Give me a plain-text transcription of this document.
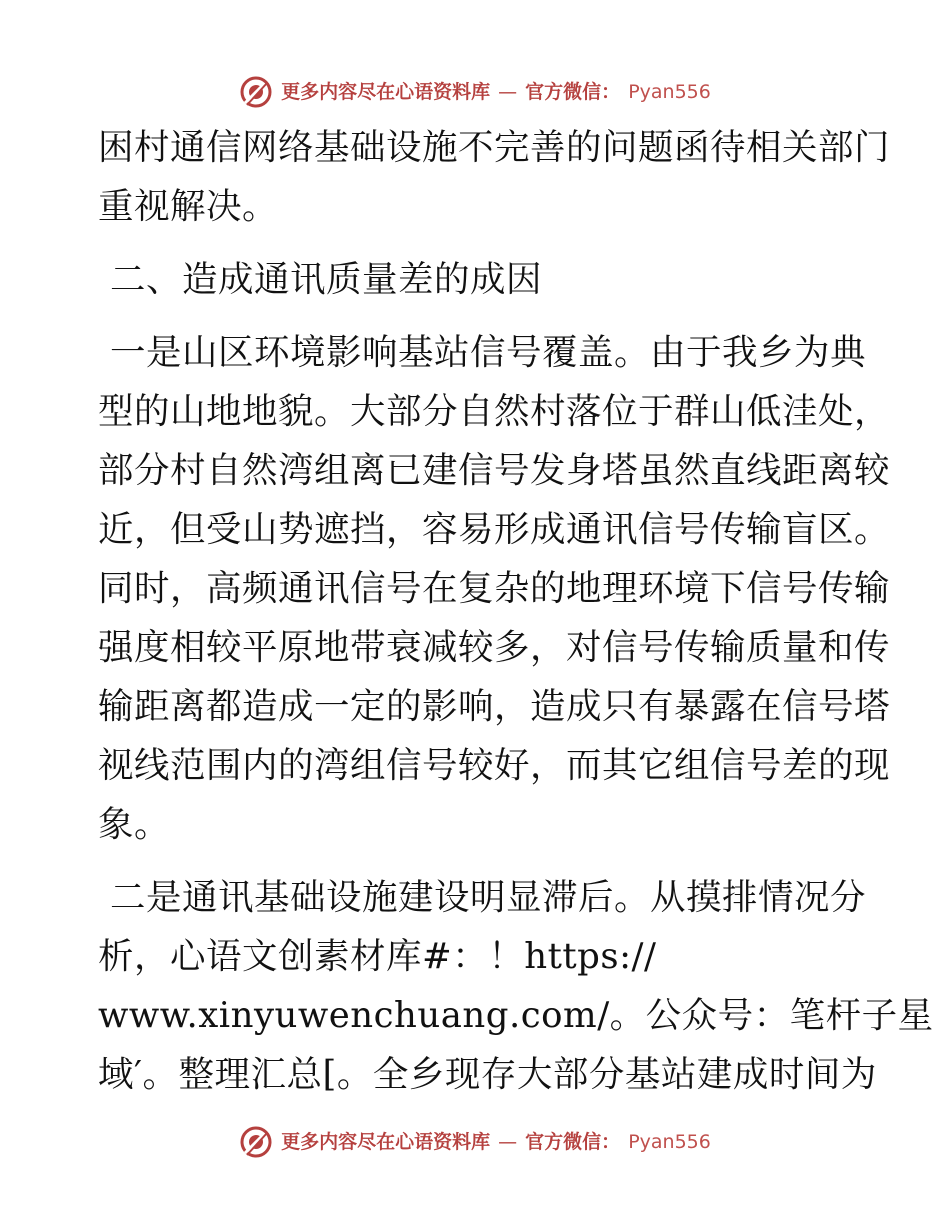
更多内容尽在心语资料库 — 官方微信： Pyan556
困村通信网络基础设施不完善的问题函待相关部门
重视解决。
二、造成通讯质量差的成因
一是山区环境影响基站信号覆盖。由于我乡为典
型的山地地貌。大部分自然村落位于群山低洼处，
部分村自然湾组离已建信号发身塔虽然直线距离较
近，但受山势遮挡，容易形成通讯信号传输盲区。
同时，高频通讯信号在复杂的地理环境下信号传输
强度相较平原地带衰减较多，对信号传输质量和传
输距离都造成一定的影响，造成只有暴露在信号塔
视线范围内的湾组信号较好，而其它组信号差的现
象。
二是通讯基础设施建设明显滞后。从摸排情况分
析，心语文创素材库#：！https://
www.xinyuwenchuang.com/。公众号：笔杆子星
域′。整理汇总[。全乡现存大部分基站建成时间为
更多内容尽在心语资料库 — 官方微信： Pyan556
